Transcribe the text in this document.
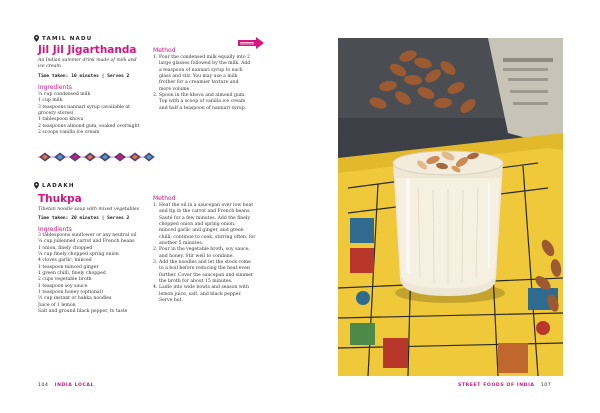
TAMIL NADU
Jil Jil Jigarthanda
An Indian summer drink made of milk and
ice cream
Time taken: 10 minutes | Serves 2
Ingredients
¼ cup condensed milk
1 cup milk
3 teaspoons nannari syrup (available at
grocery stores)
1 tablespoon khova
2 teaspoons almond gum, soaked overnight
2 scoops vanilla ice cream
Method
1. Pour the condensed milk equally into 2
large glasses followed by the milk. Add
a teaspoon of nannari syrup to each
glass and stir. You may use a milk
frother for a creamier texture and
more volume.
2. Spoon in the khova and almond gum.
Top with a scoop of vanilla ice cream
and half a teaspoon of nannari syrup.
LADAKH
Thukpa
Tibetan noodle soup with mixed vegetables
Time taken: 20 minutes | Serves 2
Ingredients
3 tablespoons sunflower or any neutral oil
¼ cup julienned carrot and French beans
1 onion, finely chopped
¼ cup finely chopped spring onion
4 cloves garlic, minced
1 teaspoon minced ginger
1 green chilli, finely chopped
2 cups vegetable broth
1 teaspoon soy sauce
1 teaspoon honey (optional)
½ cup instant or hakka noodles
Juice of 1 lemon
Salt and ground black pepper, to taste
Method
1. Heat the oil in a saucepan over low heat
and tip in the carrot and French beans.
Sauté for a few minutes. Add the finely
chopped onion and spring onion,
minced garlic and ginger, and green
chilli; continue to cook, stirring often, for
another 5 minutes.
2. Pour in the vegetable broth, soy sauce,
and honey. Stir well to combine.
3. Add the noodles and let the stock come
to a boil before reducing the heat even
further. Cover the saucepan and simmer
the broth for about 15 minutes.
4. Ladle into wide bowls and season with
lemon juice, salt, and black pepper.
Serve hot.
104 INDIA LOCAL	STREET FOODS OF INDIA 107
